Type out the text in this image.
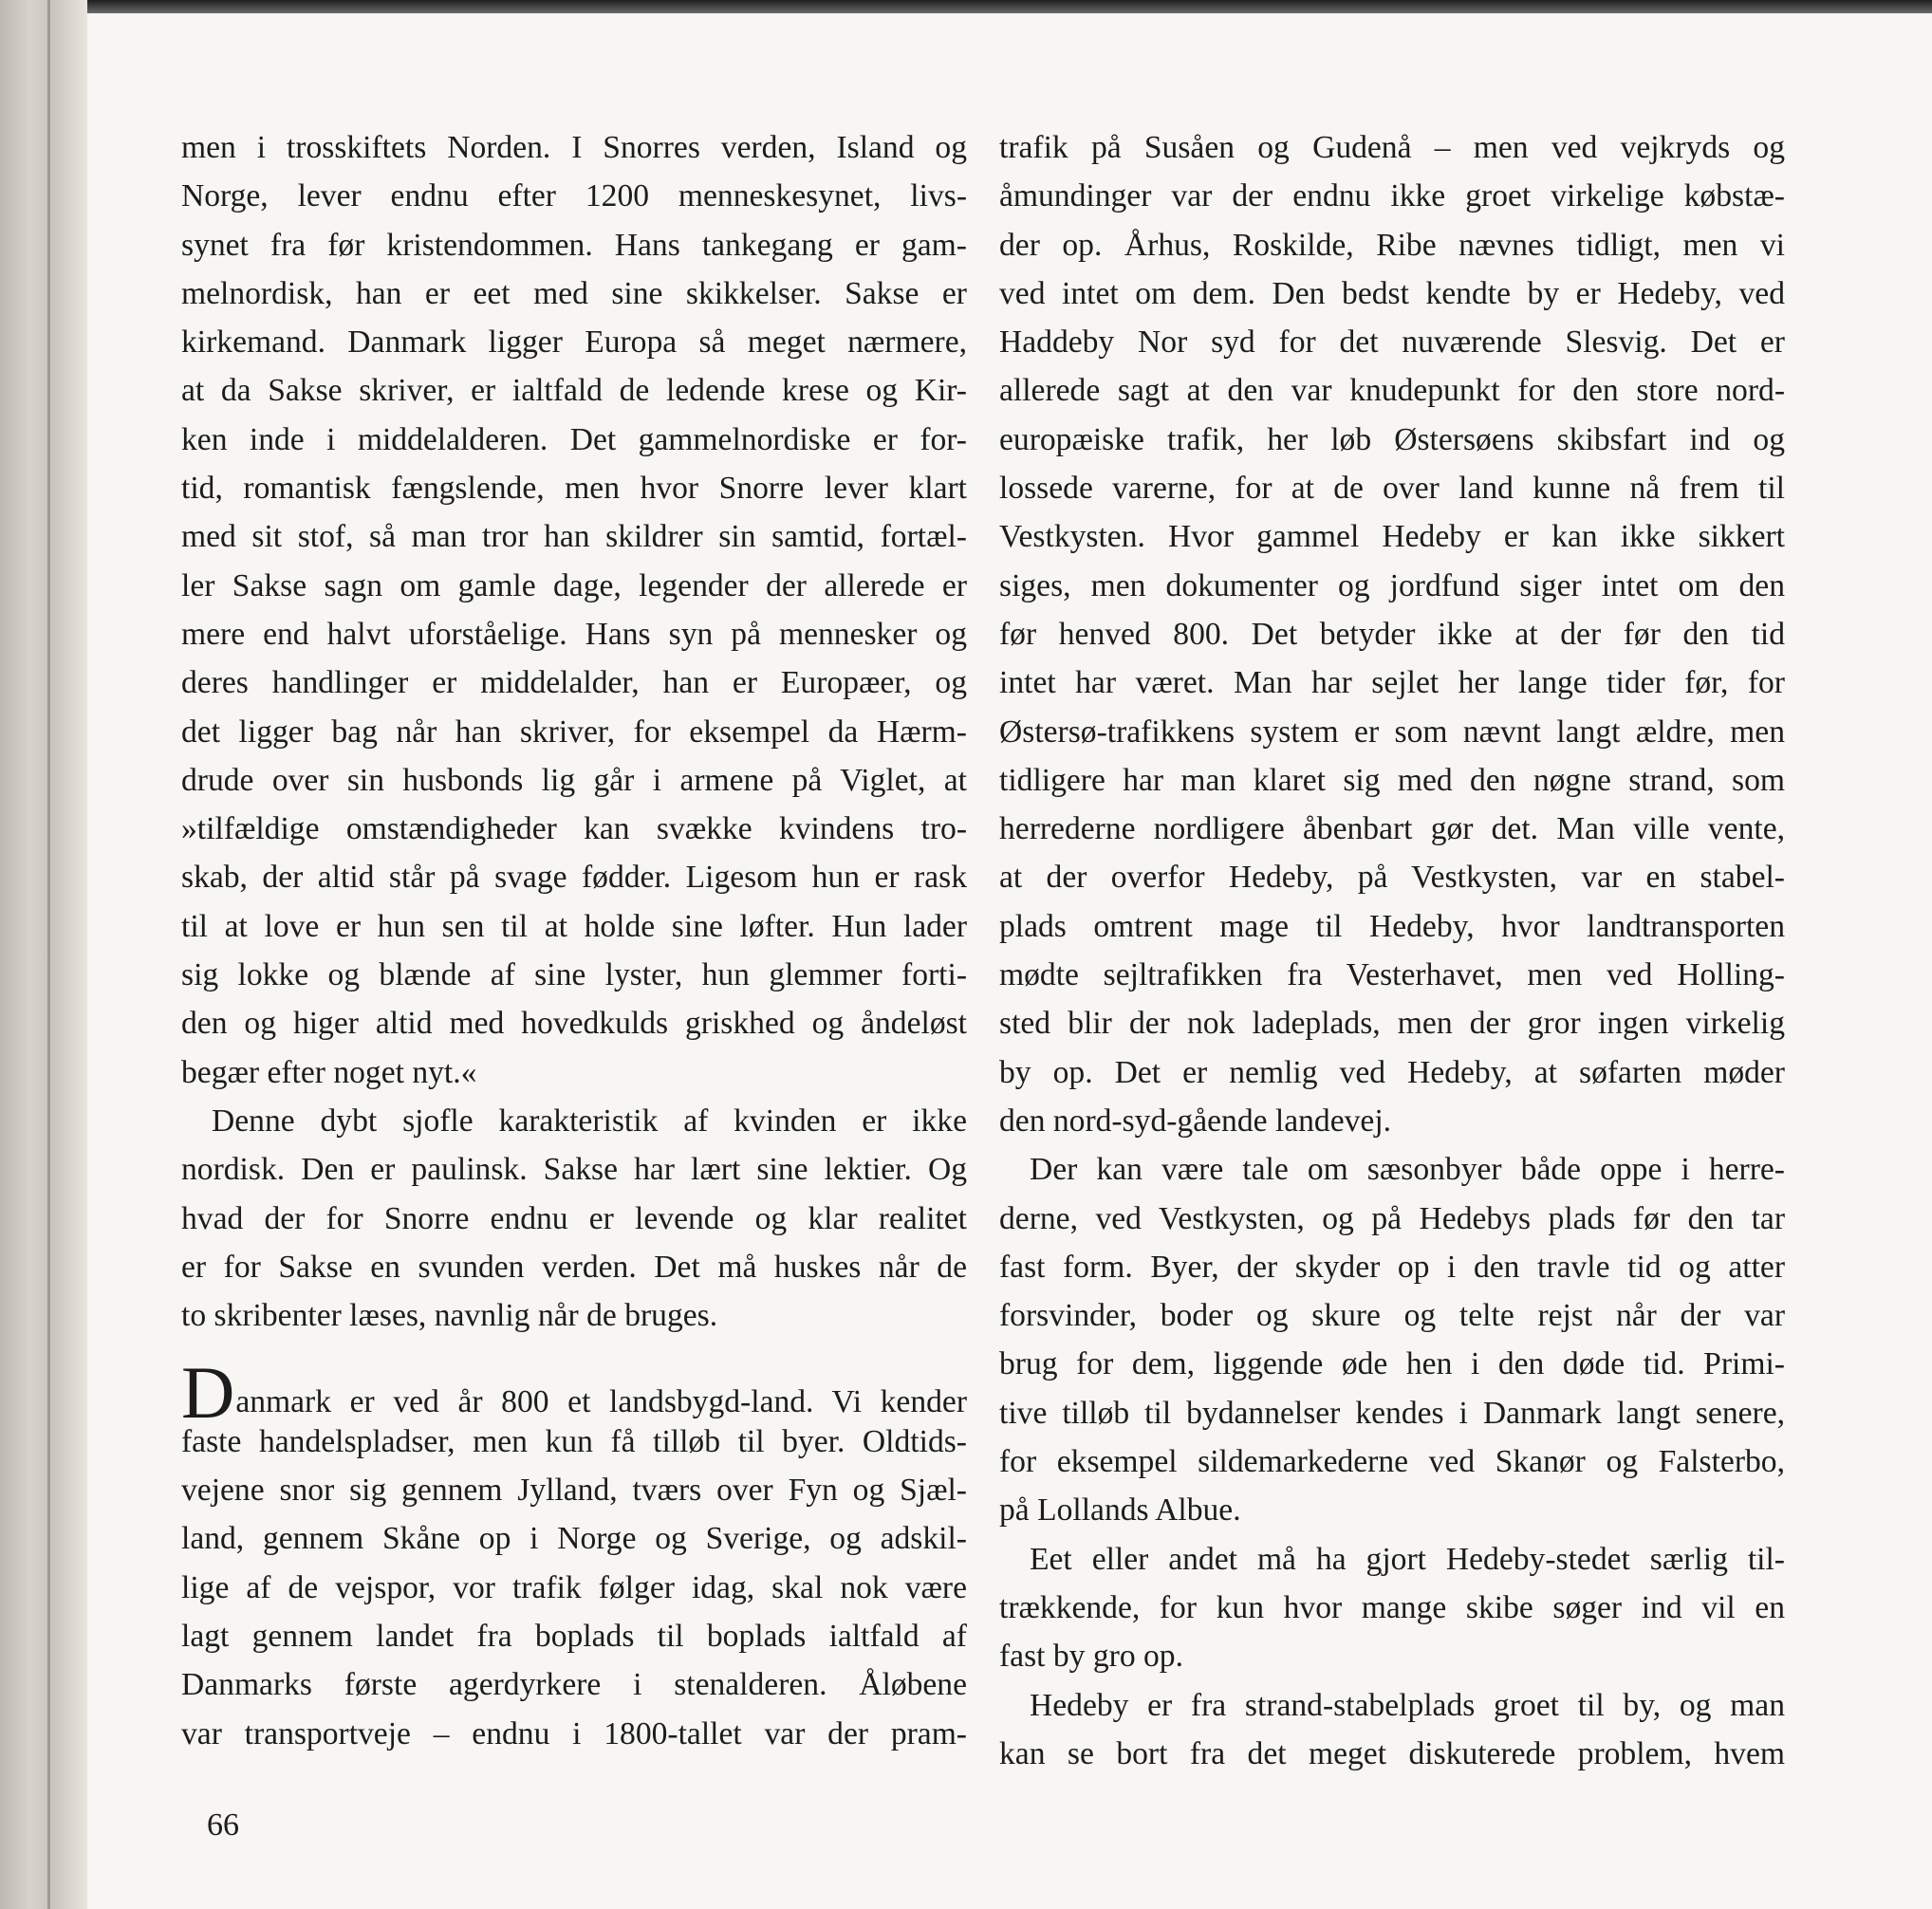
men i trosskiftets Norden. I Snorres verden, Island og
Norge, lever endnu efter 1200 menneskesynet, livs-
synet fra før kristendommen. Hans tankegang er gam-
melnordisk, han er eet med sine skikkelser. Sakse er
kirkemand. Danmark ligger Europa så meget nærmere,
at da Sakse skriver, er ialtfald de ledende krese og Kir-
ken inde i middelalderen. Det gammelnordiske er for-
tid, romantisk fængslende, men hvor Snorre lever klart
med sit stof, så man tror han skildrer sin samtid, fortæl-
ler Sakse sagn om gamle dage, legender der allerede er
mere end halvt uforståelige. Hans syn på mennesker og
deres handlinger er middelalder, han er Europæer, og
det ligger bag når han skriver, for eksempel da Hærm-
drude over sin husbonds lig går i armene på Viglet, at
»tilfældige omstændigheder kan svække kvindens tro-
skab, der altid står på svage fødder. Ligesom hun er rask
til at love er hun sen til at holde sine løfter. Hun lader
sig lokke og blænde af sine lyster, hun glemmer forti-
den og higer altid med hovedkulds griskhed og åndeløst
begær efter noget nyt.«
Denne dybt sjofle karakteristik af kvinden er ikke
nordisk. Den er paulinsk. Sakse har lært sine lektier. Og
hvad der for Snorre endnu er levende og klar realitet
er for Sakse en svunden verden. Det må huskes når de
to skribenter læses, navnlig når de bruges.
Danmark er ved år 800 et landsbygd-land. Vi kender
faste handelspladser, men kun få tilløb til byer. Oldtids-
vejene snor sig gennem Jylland, tværs over Fyn og Sjæl-
land, gennem Skåne op i Norge og Sverige, og adskil-
lige af de vejspor, vor trafik følger idag, skal nok være
lagt gennem landet fra boplads til boplads ialtfald af
Danmarks første agerdyrkere i stenalderen. Åløbene
var transportveje – endnu i 1800-tallet var der pram-
trafik på Susåen og Gudenå – men ved vejkryds og
åmundinger var der endnu ikke groet virkelige købstæ-
der op. Århus, Roskilde, Ribe nævnes tidligt, men vi
ved intet om dem. Den bedst kendte by er Hedeby, ved
Haddeby Nor syd for det nuværende Slesvig. Det er
allerede sagt at den var knudepunkt for den store nord-
europæiske trafik, her løb Østersøens skibsfart ind og
lossede varerne, for at de over land kunne nå frem til
Vestkysten. Hvor gammel Hedeby er kan ikke sikkert
siges, men dokumenter og jordfund siger intet om den
før henved 800. Det betyder ikke at der før den tid
intet har været. Man har sejlet her lange tider før, for
Østersø-trafikkens system er som nævnt langt ældre, men
tidligere har man klaret sig med den nøgne strand, som
herrederne nordligere åbenbart gør det. Man ville vente,
at der overfor Hedeby, på Vestkysten, var en stabel-
plads omtrent mage til Hedeby, hvor landtransporten
mødte sejltrafikken fra Vesterhavet, men ved Holling-
sted blir der nok ladeplads, men der gror ingen virkelig
by op. Det er nemlig ved Hedeby, at søfarten møder
den nord-syd-gående landevej.
Der kan være tale om sæsonbyer både oppe i herre-
derne, ved Vestkysten, og på Hedebys plads før den tar
fast form. Byer, der skyder op i den travle tid og atter
forsvinder, boder og skure og telte rejst når der var
brug for dem, liggende øde hen i den døde tid. Primi-
tive tilløb til bydannelser kendes i Danmark langt senere,
for eksempel sildemarkederne ved Skanør og Falsterbo,
på Lollands Albue.
Eet eller andet må ha gjort Hedeby-stedet særlig til-
trækkende, for kun hvor mange skibe søger ind vil en
fast by gro op.
Hedeby er fra strand-stabelplads groet til by, og man
kan se bort fra det meget diskuterede problem, hvem
66
